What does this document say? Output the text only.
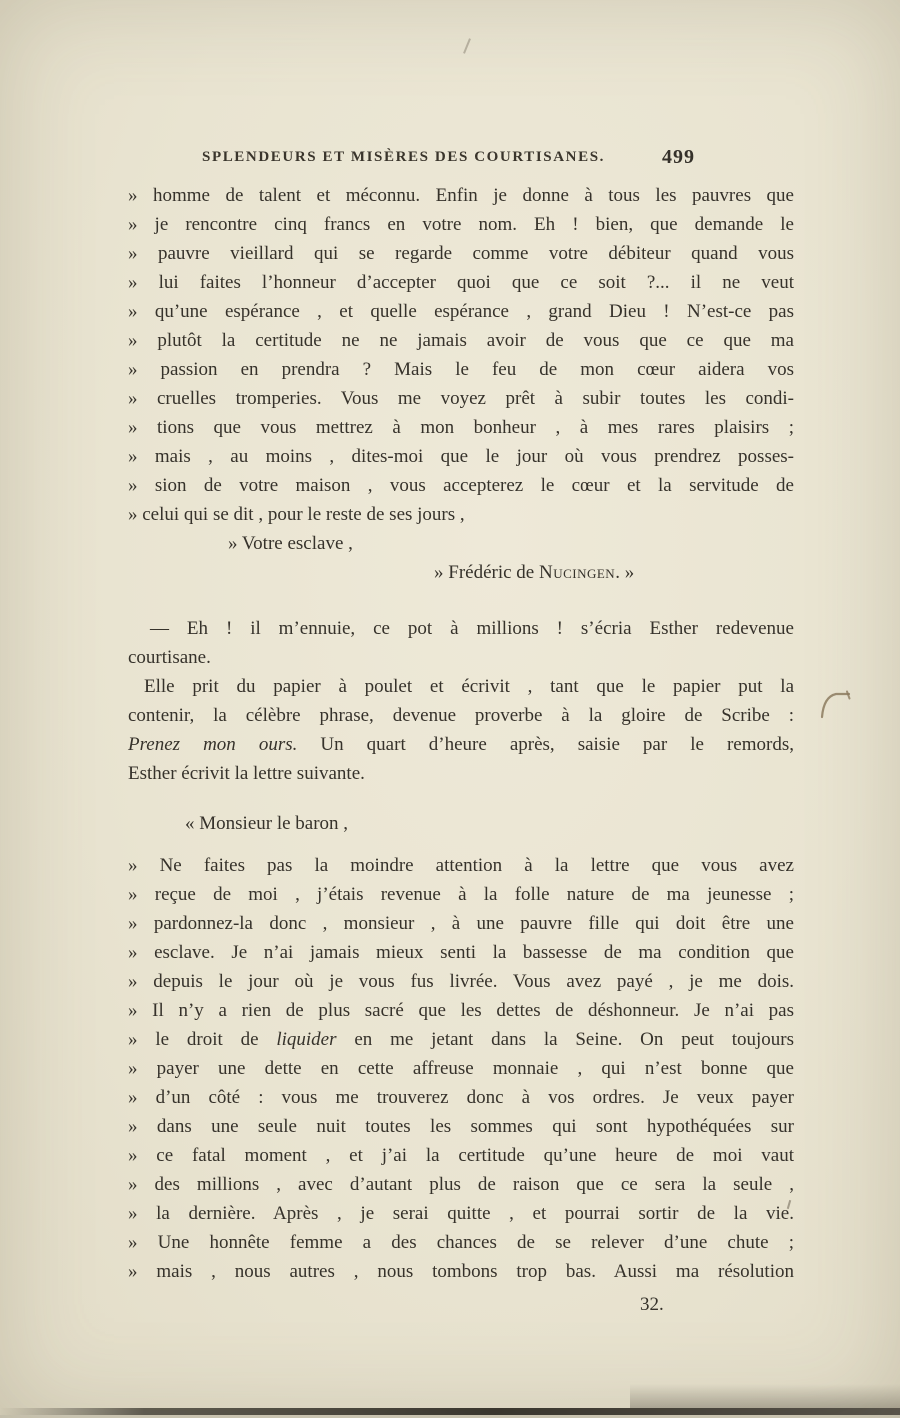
SPLENDEURS ET MISÈRES DES COURTISANES.	499
» homme de talent et méconnu. Enfin je donne à tous les pauvres que
» je rencontre cinq francs en votre nom. Eh ! bien, que demande le
» pauvre vieillard qui se regarde comme votre débiteur quand vous
» lui faites l’honneur d’accepter quoi que ce soit ?... il ne veut
» qu’une espérance , et quelle espérance , grand Dieu ! N’est-ce pas
» plutôt la certitude ne ne jamais avoir de vous que ce que ma
» passion en prendra ? Mais le feu de mon cœur aidera vos
» cruelles tromperies. Vous me voyez prêt à subir toutes les condi-
» tions que vous mettrez à mon bonheur , à mes rares plaisirs ;
» mais , au moins , dites-moi que le jour où vous prendrez posses-
» sion de votre maison , vous accepterez le cœur et la servitude de
» celui qui se dit , pour le reste de ses jours ,
» Votre esclave ,
» Frédéric de Nucingen. »
— Eh ! il m’ennuie, ce pot à millions ! s’écria Esther redevenue
courtisane.
Elle prit du papier à poulet et écrivit , tant que le papier put la
contenir, la célèbre phrase, devenue proverbe à la gloire de Scribe :
Prenez mon ours. Un quart d’heure après, saisie par le remords,
Esther écrivit la lettre suivante.
« Monsieur le baron ,
» Ne faites pas la moindre attention à la lettre que vous avez
» reçue de moi , j’étais revenue à la folle nature de ma jeunesse ;
» pardonnez-la donc , monsieur , à une pauvre fille qui doit être une
» esclave. Je n’ai jamais mieux senti la bassesse de ma condition que
» depuis le jour où je vous fus livrée. Vous avez payé , je me dois.
» Il n’y a rien de plus sacré que les dettes de déshonneur. Je n’ai pas
» le droit de liquider en me jetant dans la Seine. On peut toujours
» payer une dette en cette affreuse monnaie , qui n’est bonne que
» d’un côté : vous me trouverez donc à vos ordres. Je veux payer
» dans une seule nuit toutes les sommes qui sont hypothéquées sur
» ce fatal moment , et j’ai la certitude qu’une heure de moi vaut
» des millions , avec d’autant plus de raison que ce sera la seule ,
» la dernière. Après , je serai quitte , et pourrai sortir de la vie.
» Une honnête femme a des chances de se relever d’une chute ;
» mais , nous autres , nous tombons trop bas. Aussi ma résolution
32.
